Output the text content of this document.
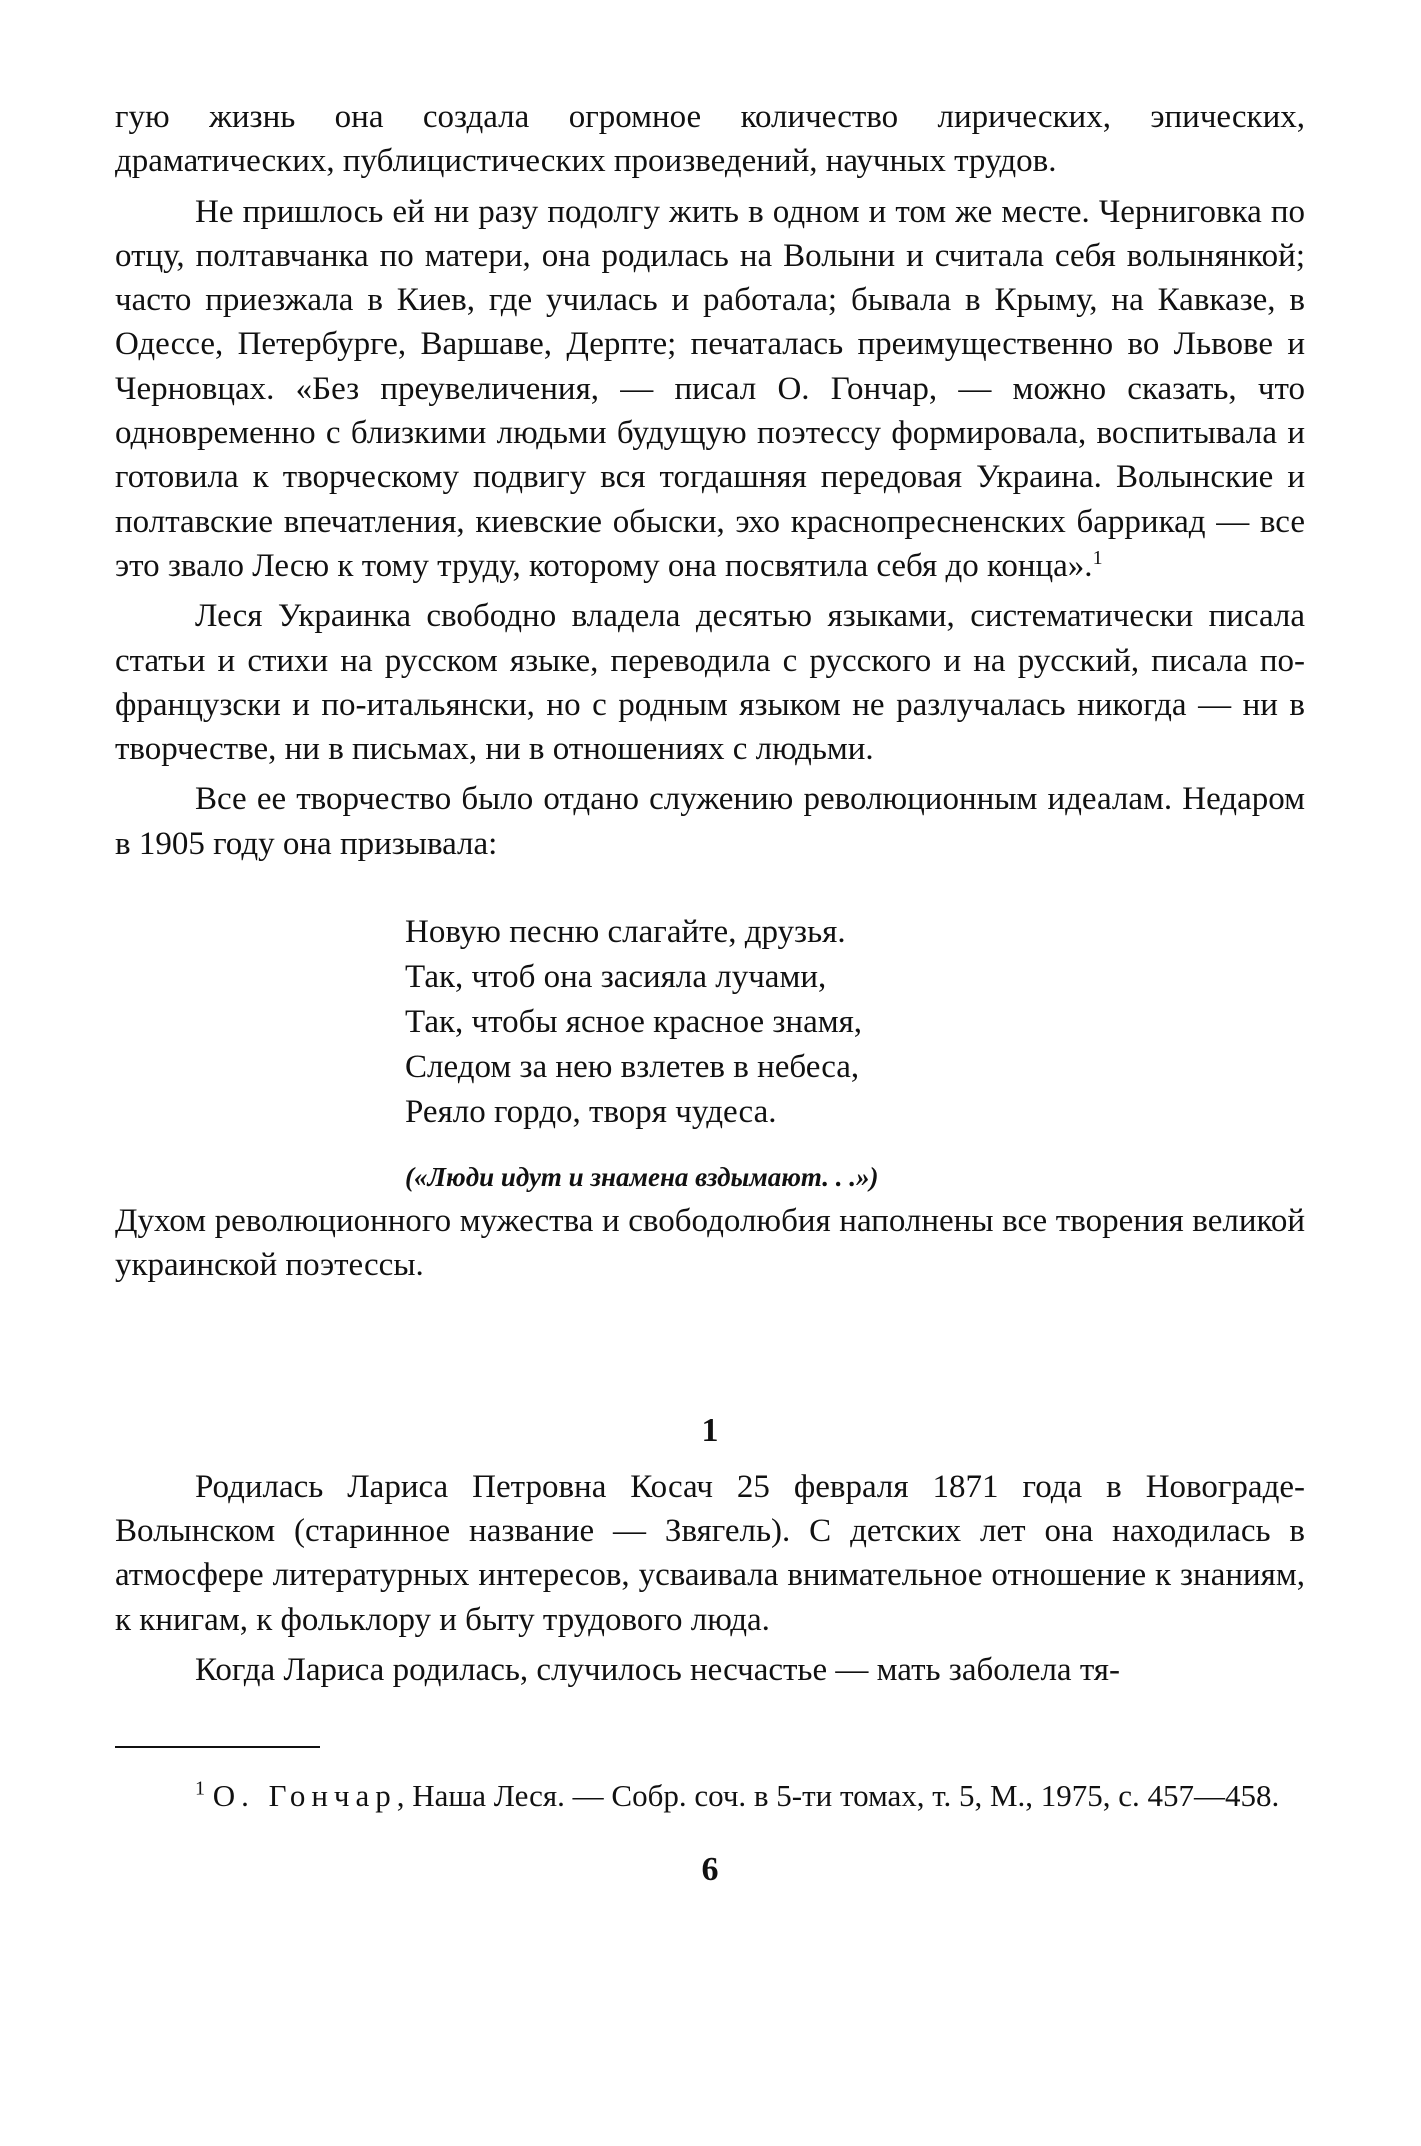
гую жизнь она создала огромное количество лирических, эпических, драматических, публицистических произведений, научных трудов.

Не пришлось ей ни разу подолгу жить в одном и том же месте. Черниговка по отцу, полтавчанка по матери, она родилась на Волыни и считала себя волынянкой; часто приезжала в Киев, где училась и работала; бывала в Крыму, на Кавказе, в Одессе, Петербурге, Варшаве, Дерпте; печаталась преимущественно во Львове и Черновцах. «Без преувеличения, — писал О. Гончар, — можно сказать, что одновременно с близкими людьми будущую поэтессу формировала, воспитывала и готовила к творческому подвигу вся тогдашняя передовая Украина. Волынские и полтавские впечатления, киевские обыски, эхо краснопресненских баррикад — все это звало Лесю к тому труду, которому она посвятила себя до конца».$^1$

Леся Украинка свободно владела десятью языками, систематически писала статьи и стихи на русском языке, переводила с русского и на русский, писала по-французски и по-итальянски, но с родным языком не разлучалась никогда — ни в творчестве, ни в письмах, ни в отношениях с людьми.

Все ее творчество было отдано служению революционным идеалам. Недаром в 1905 году она призывала:

Новую песню слагайте, друзья.
Так, чтоб она засияла лучами,
Так, чтобы ясное красное знамя,
Следом за нею взлетев в небеса,
Реяло гордо, творя чудеса.
(«Люди идут и знамена вздымают. . .»)

Духом революционного мужества и свободолюбия наполнены все творения великой украинской поэтессы.

1

Родилась Лариса Петровна Косач 25 февраля 1871 года в Новограде-Волынском (старинное название — Звягель). С детских лет она находилась в атмосфере литературных интересов, усваивала внимательное отношение к знаниям, к книгам, к фольклору и быту трудового люда.

Когда Лариса родилась, случилось несчастье — мать заболела тя-

$^1$ О. Гончар, Наша Леся. — Собр. соч. в 5-ти томах, т. 5, М., 1975, с. 457—458.
6
